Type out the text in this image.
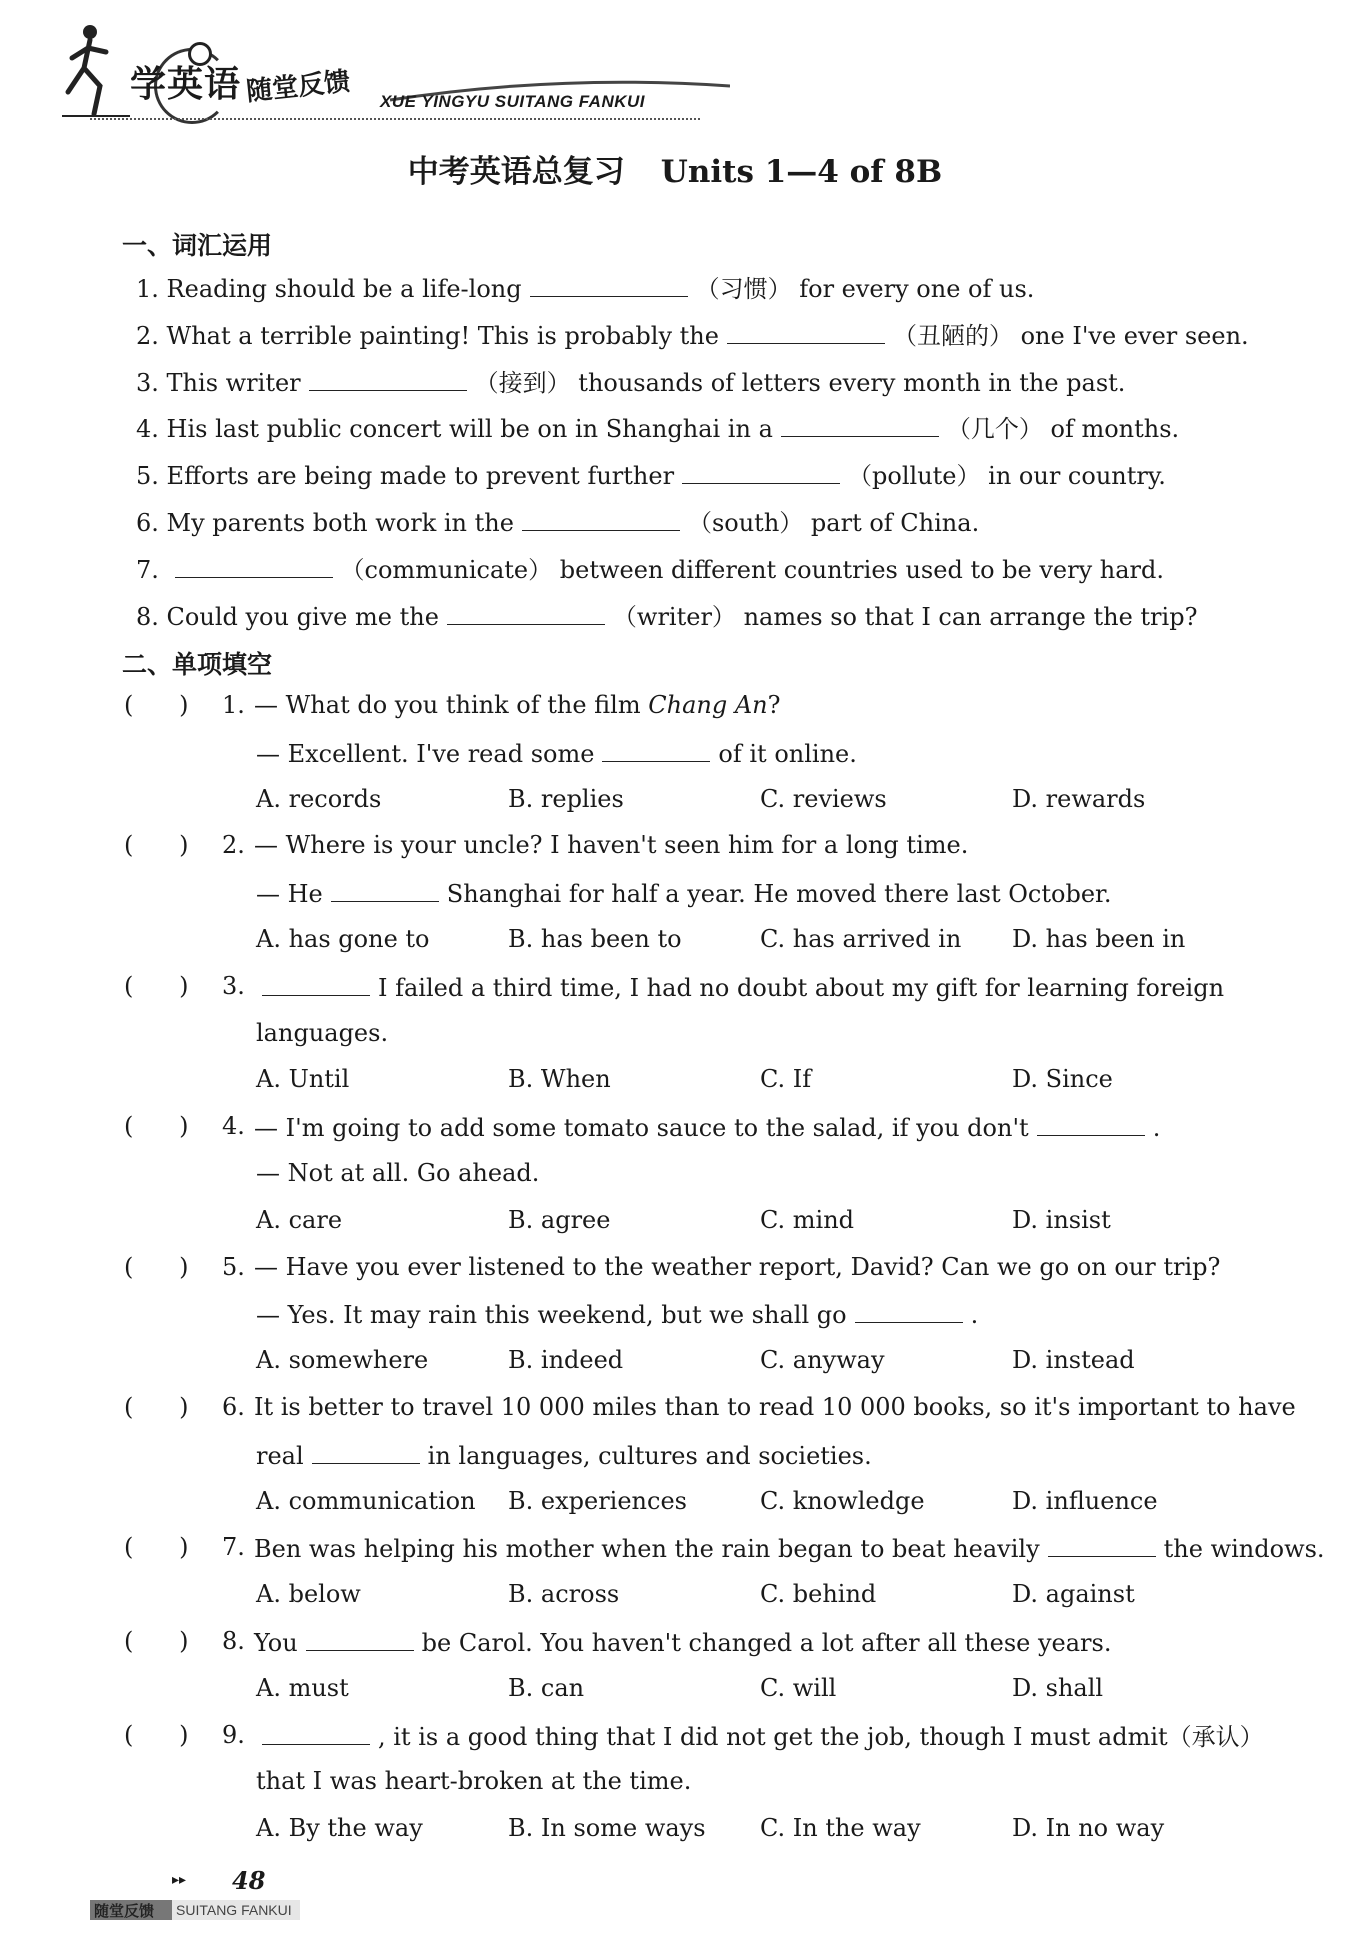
学英语 随堂反馈 XUE YINGYU SUITANG FANKUI
中考英语总复习 Units 1—4 of 8B
一、词汇运用
1. Reading should be a life-long	（习惯） for every one of us.
2. What a terrible painting! This is probably the	（丑陋的） one I've ever seen.
3. This writer	（接到） thousands of letters every month in the past.
4. His last public concert will be on in Shanghai in a	（几个） of months.
5. Efforts are being made to prevent further	（pollute） in our country.
6. My parents both work in the	（south） part of China.
7.	（communicate） between different countries used to be very hard.
8. Could you give me the	（writer） names so that I can arrange the trip?
二、单项填空
(      ) 1. — What do you think of the film Chang An?
— Excellent. I've read some	of it online.
A. records	B. replies	C. reviews	D. rewards
(      ) 2. — Where is your uncle? I haven't seen him for a long time.
— He	Shanghai for half a year. He moved there last October.
A. has gone to	B. has been to	C. has arrived in D. has been in
(      ) 3.	I failed a third time, I had no doubt about my gift for learning foreign
languages.
A. Until	B. When	C. If	D. Since
(      ) 4. — I'm going to add some tomato sauce to the salad, if you don't	.
— Not at all. Go ahead.
A. care	B. agree	C. mind	D. insist
(      ) 5. — Have you ever listened to the weather report, David? Can we go on our trip?
— Yes. It may rain this weekend, but we shall go	.
A. somewhere	B. indeed	C. anyway	D. instead
(      ) 6. It is better to travel 10 000 miles than to read 10 000 books, so it's important to have
real	in languages, cultures and societies.
A. communication B. experiences	C. knowledge	D. influence
(      ) 7. Ben was helping his mother when the rain began to beat heavily	the windows.
A. below	B. across	C. behind	D. against
(      ) 8. You	be Carol. You haven't changed a lot after all these years.
A. must	B. can	C. will	D. shall
(      ) 9.	, it is a good thing that I did not get the job, though I must admit（承认）
that I was heart-broken at the time.
A. By the way	B. In some ways C. In the way	D. In no way
▸▸ 48
随堂反馈 SUITANG FANKUI
